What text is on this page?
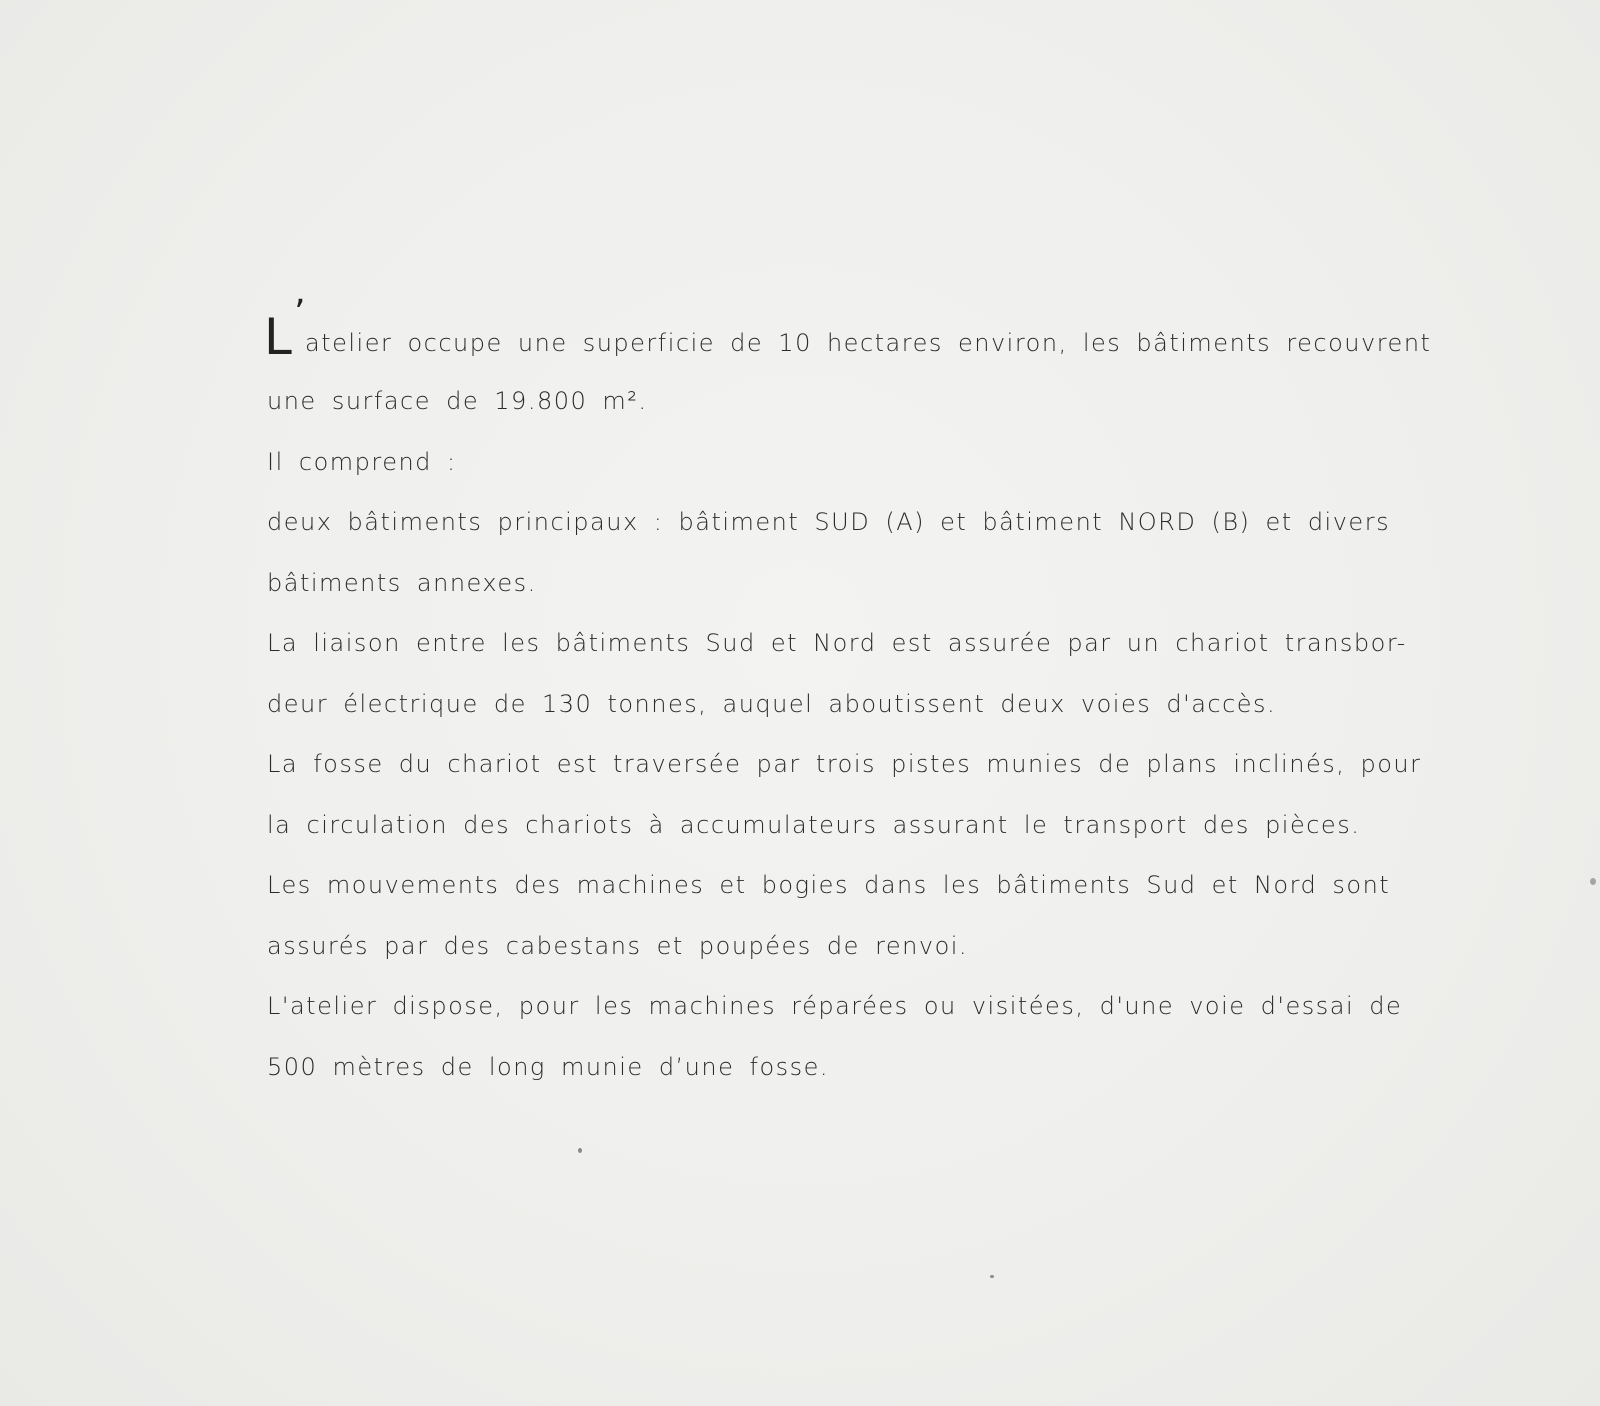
L ’
atelier occupe une superficie de 10 hectares environ, les bâtiments recouvrent
une surface de 19.800 m².
Il comprend :
deux bâtiments principaux : bâtiment SUD (A) et bâtiment NORD (B) et divers
bâtiments annexes.
La liaison entre les bâtiments Sud et Nord est assurée par un chariot transbor-
deur électrique de 130 tonnes, auquel aboutissent deux voies d'accès.
La fosse du chariot est traversée par trois pistes munies de plans inclinés, pour
la circulation des chariots à accumulateurs assurant le transport des pièces.
Les mouvements des machines et bogies dans les bâtiments Sud et Nord sont
assurés par des cabestans et poupées de renvoi.
L'atelier dispose, pour les machines réparées ou visitées, d'une voie d'essai de
500 mètres de long munie d’une fosse.
